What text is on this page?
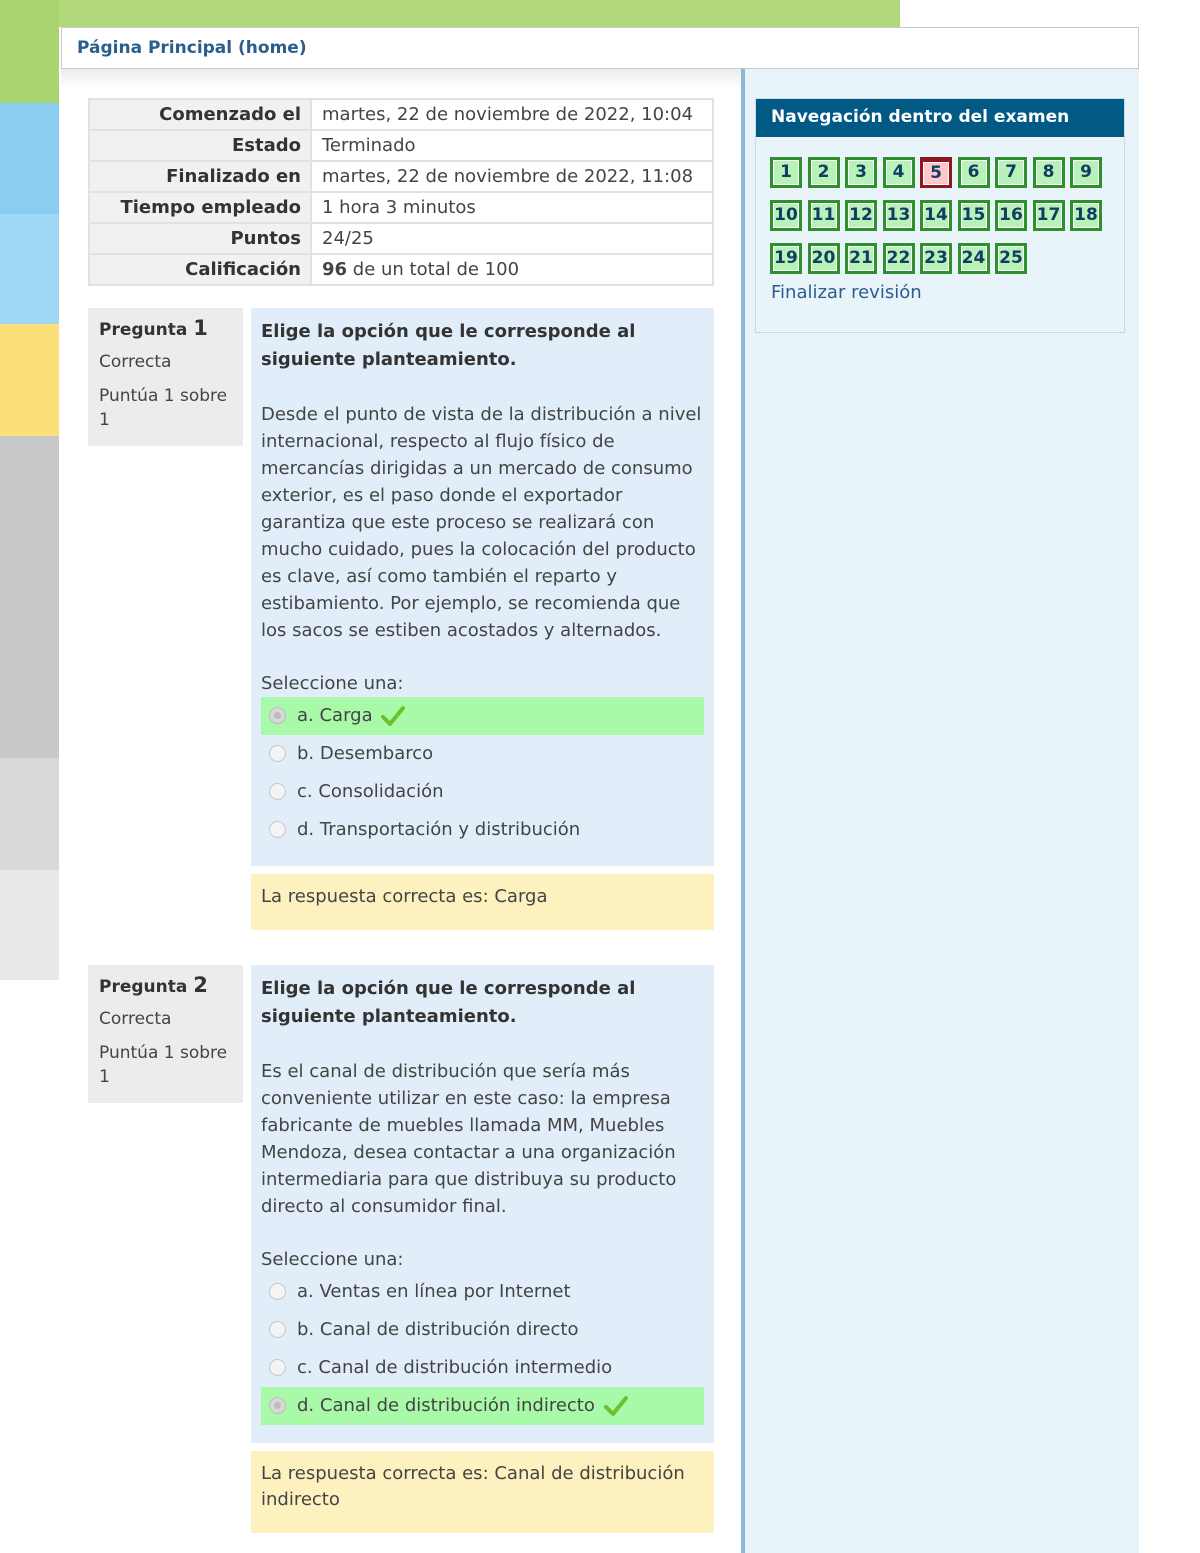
Página Principal (home)
Navegación dentro del examen
1	2	3	4	5	6	7	8	9
10 11 12 13 14 15 16 17 18
19 20 21 22 23 24 25
Finalizar revisión
Comenzado el	martes, 22 de noviembre de 2022, 10:04
Estado	Terminado
Finalizado en	martes, 22 de noviembre de 2022, 11:08
Tiempo empleado	1 hora 3 minutos
Puntos	24/25
Calificación	96 de un total de 100
Pregunta 1
Correcta
Puntúa 1 sobre 1
Elige la opción que le corresponde al siguiente planteamiento.
Desde el punto de vista de la distribución a nivel internacional, respecto al flujo físico de mercancías dirigidas a un mercado de consumo exterior, es el paso donde el exportador garantiza que este proceso se realizará con mucho cuidado, pues la colocación del producto es clave, así como también el reparto y estibamiento. Por ejemplo, se recomienda que los sacos se estiben acostados y alternados.
Seleccione una:
a. Carga
b. Desembarco
c. Consolidación
d. Transportación y distribución
La respuesta correcta es: Carga
Pregunta 2
Correcta
Puntúa 1 sobre 1
Elige la opción que le corresponde al siguiente planteamiento.
Es el canal de distribución que sería más conveniente utilizar en este caso: la empresa fabricante de muebles llamada MM, Muebles Mendoza, desea contactar a una organización intermediaria para que distribuya su producto directo al consumidor final.
Seleccione una:
a. Ventas en línea por Internet
b. Canal de distribución directo
c. Canal de distribución intermedio
d. Canal de distribución indirecto
La respuesta correcta es: Canal de distribución indirecto
